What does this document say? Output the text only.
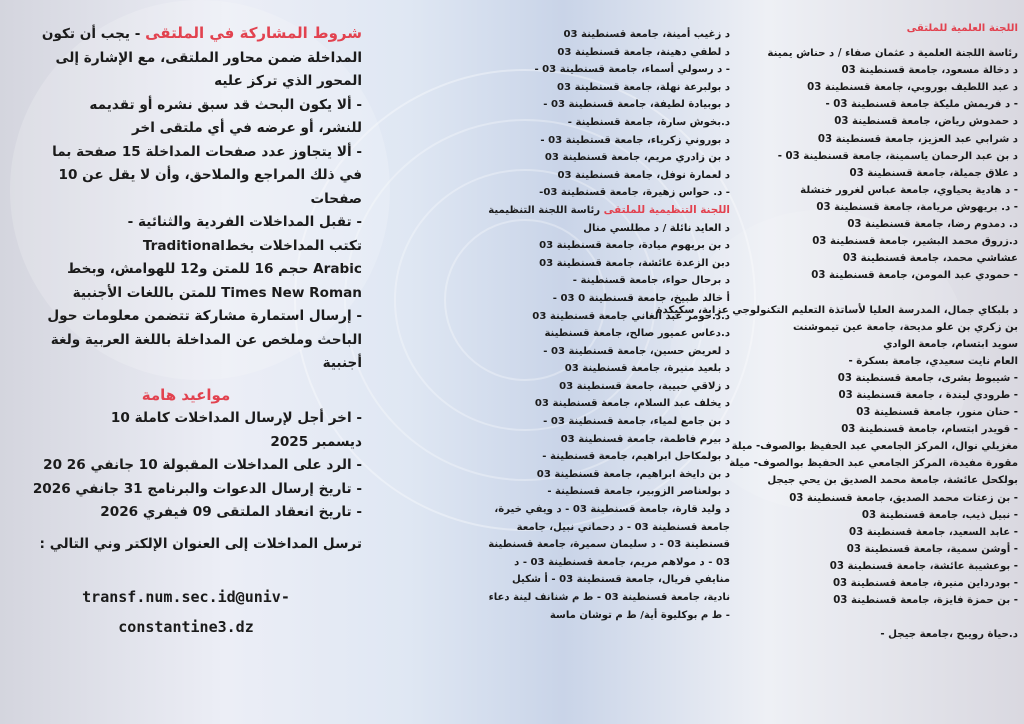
اللجنة العلمية للملتقى
رئاسة اللجنة العلمية د عثمان صفاء / د حناش يمينة
د دخالة مسعود، جامعة قسنطينة 03
د عبد اللطيف بوروبي، جامعة قسنطينة 03
- د فريمش مليكة جامعة قسنطينة 03 -
د حمدوش رياض، جامعة قسنطينة 03
د شرابي عبد العزيز، جامعة قسنطينة 03
د بن عبد الرحمان ياسمينة، جامعة قسنطينة 03 -
د علاق جميلة، جامعة قسنطينة 03
- د هادية يحياوي، جامعة عباس لغرور خنشلة
- د. بريهوش مريامة، جامعة قسنطينة 03
د. دمدوم رضا، جامعة قسنطينة 03
د.زروق محمد البشير، جامعة قسنطينة 03
عشاشي محمد، جامعة قسنطينة 03
- حمودي عبد المومن، جامعة قسنطينة 03

د بلبكاي جمال، المدرسة العليا لأساتذة التعليم التكنولوجي عزابة، سكيكدة
بن زكري بن علو مديحة، جامعة عين تيموشنت
سويد ابتسام، جامعة الوادي
العام نايت سعيدي، جامعة بسكرة -
- شيبوط بشرى، جامعة قسنطينة 03
- طرودي ليندة ، جامعة قسنطينة 03
- حنان منور، جامعة قسنطينة 03
- قويدر ابتسام، جامعة قسنطينة 03
مغزيلي نوال، المركز الجامعي عبد الحفيظ بوالصوف- ميلة
مقورة مفيدة، المركز الجامعي عبد الحفيظ بوالصوف- ميلة
بولكحل عائشة، جامعة محمد الصديق بن يحي جيجل
- بن زعتات محمد الصديق، جامعة قسنطينة 03
- نبيل ذيب، جامعة قسنطينة 03
- عابد السعيد، جامعة قسنطينة 03
- أوشن سمية، جامعة قسنطينة 03
- بوعشيبة عائشة، جامعة قسنطينة 03
- بودرداين منيرة، جامعة قسنطينة 03
- بن حمزة فايزة، جامعة قسنطينة 03

د.حياة رويبح ،جامعة جيجل -
د زغيب أمينة، جامعة قسنطينة 03
د لطفي دهينة، جامعة قسنطينة 03
- د رسولي أسماء، جامعة قسنطينة 03 -
د بولبرعة نهلة، جامعة قسنطينة 03
د بوبيادة لطيفة، جامعة قسنطينة 03 -
د.بخوش سارة، جامعة قسنطينة -
د بوروني زكرياء، جامعة قسنطينة 03 -
د بن زادري مريم، جامعة قسنطينة 03
د لعمارة نوفل، جامعة قسنطينة 03
- د. حواس زهيرة، جامعة قسنطينة 03-
اللجنة التنظيمية للملتقى رئاسة اللجنة التنظيمية
د العايد نائلة / د مطلسي منال
د بن بريهوم ميادة، جامعة قسنطينة 03
دبن الزعدة عائشة، جامعة قسنطينة 03
د برحال حواء، جامعة قسنطينة -
أ خالد طبيخ، جامعة قسنطينة 0 03 -
د.د.حومر عبد الغاني جامعة قسنطينة 03
د.دعاس عميور صالح، جامعة قسنطينة
د لعريض حسين، جامعة قسنطينة 03 -
د بلعيد منيرة، جامعة قسنطينة 03
د زلاقي حبيبة، جامعة قسنطينة 03
د يخلف عبد السلام، جامعة قسنطينة 03
د بن جامع لمياء، جامعة قسنطينة 03 -
د بيرم فاطمة، جامعة قسنطينة 03
د بولمكاحل ابراهيم، جامعة قسنطينة -
د بن دايخة ابراهيم، جامعة قسنطينة 03
د بولعناصر الزوبير، جامعة قسنطينة -
د وليد قارة، جامعة قسنطينة 03 - د ويفي خيرة،
جامعة قسنطينة 03 - د دحماني نبيل، جامعة
قسنطينة 03 - د سليمان سميرة، جامعة قسنطينة
03 - د مولاهم مريم، جامعة قسنطينة 03 - د
منايفي فريال، جامعة قسنطينة 03 - أ شكيل
نادية، جامعة قسنطينة 03 - ط م شنانف لينة دعاء
- ط م بوكليوة أية/ ط م توشان ماسة
شروط المشاركة في الملتقى - يجب أن تكون
المداخلة ضمن محاور الملتقى، مع الإشارة إلى
المحور الذي تركز عليه
- ألا يكون البحث قد سبق نشره أو تقديمه
للنشر، أو عرضه في أي ملتقى اخر
- ألا يتجاوز عدد صفحات المداخلة 15 صفحة بما
في ذلك المراجع والملاحق، وأن لا يقل عن 10
صفحات
- تقبل المداخلات الفردية والثنائية -
تكتب المداخلات بخطTraditional
Arabic حجم 16 للمتن و12 للهوامش، وبخط
Times New Roman للمتن باللغات الأجنبية
- إرسال استمارة مشاركة تتضمن معلومات حول
الباحث وملخص عن المداخلة باللغة العربية ولغة
أجنبية
مواعيد هامة
- اخر أجل لإرسال المداخلات كاملة 10
ديسمبر 2025
- الرد على المداخلات المقبولة 10 جانفي 26 20
- تاريخ إرسال الدعوات والبرنامج 31 جانفي 2026
- تاريخ انعقاد الملتقى 09 فيفري 2026
ترسل المداخلات إلى العنوان الإلكتر وني التالي :
transf.num.sec.id@univ-
constantine3.dz
